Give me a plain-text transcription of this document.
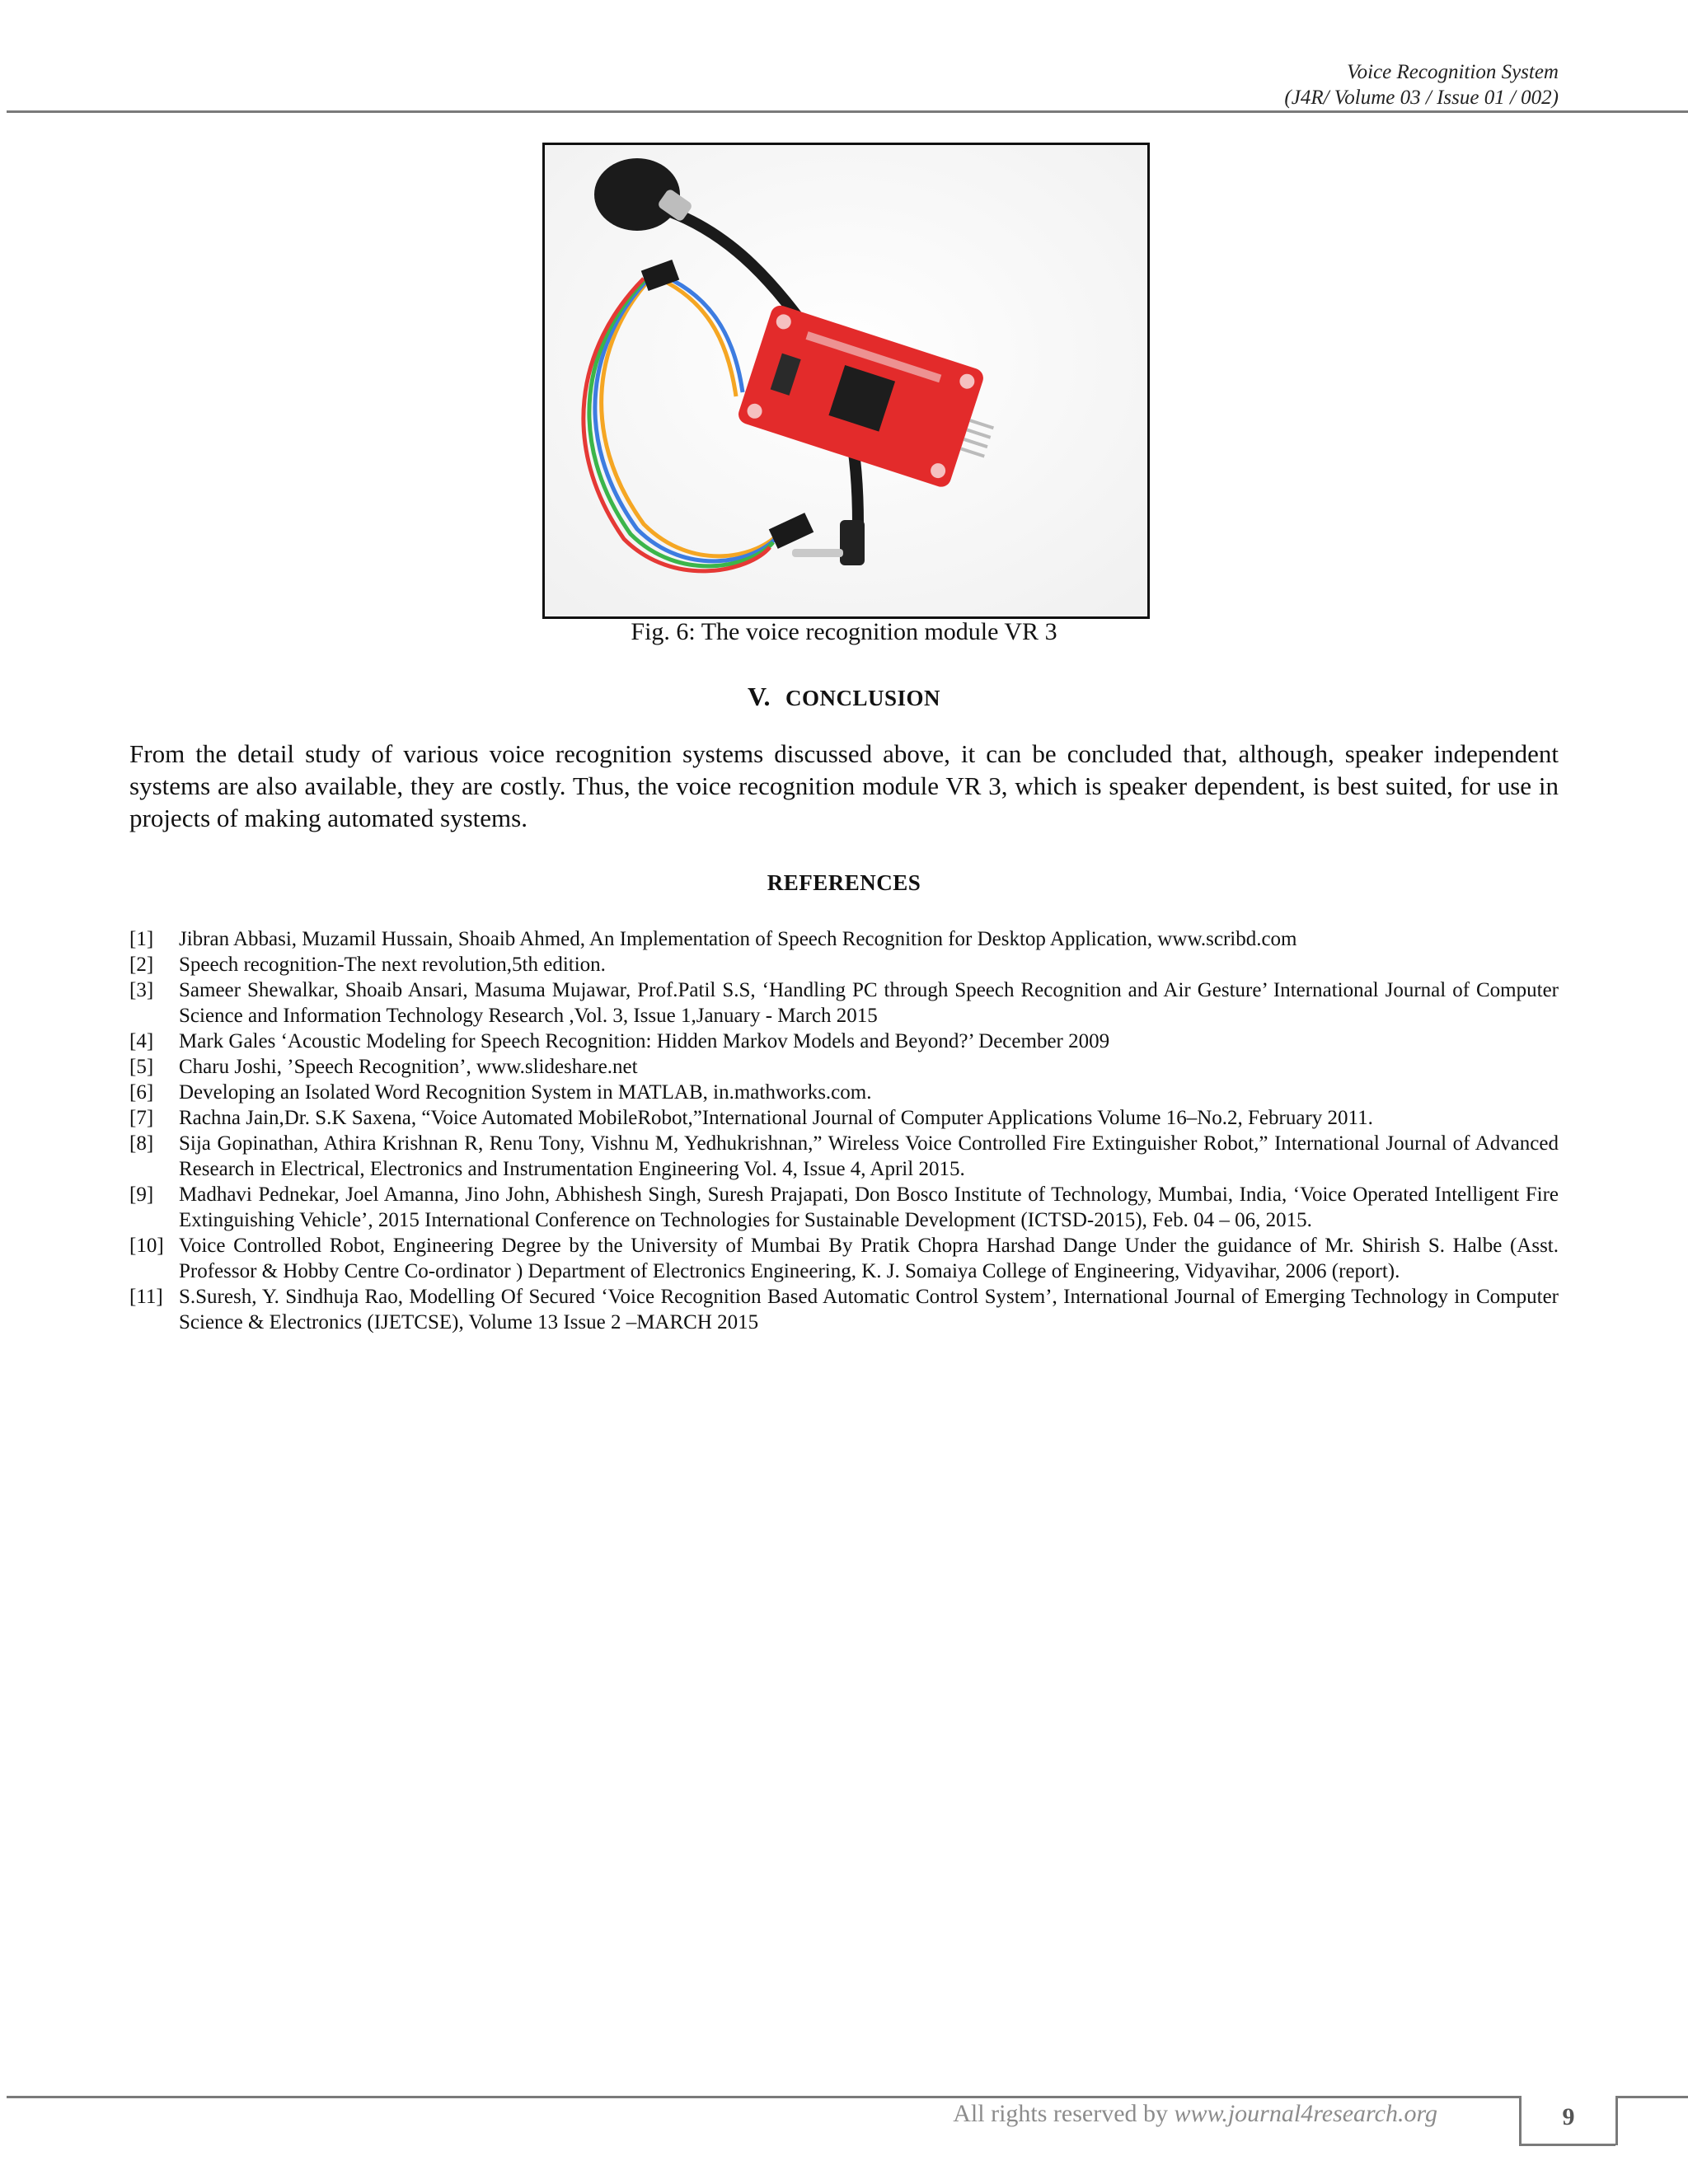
Voice Recognition System
(J4R/ Volume 03 / Issue 01 / 002)
Fig. 6: The voice recognition module VR 3
V. CONCLUSION

From the detail study of various voice recognition systems discussed above, it can be concluded that, although, speaker independent systems are also available, they are costly. Thus, the voice recognition module VR 3, which is speaker dependent, is best suited, for use in projects of making automated systems.

REFERENCES
[1]	Jibran Abbasi, Muzamil Hussain, Shoaib Ahmed, An Implementation of Speech Recognition for Desktop Application, www.scribd.com
[2]	Speech recognition-The next revolution,5th edition.
[3]	Sameer Shewalkar, Shoaib Ansari, Masuma Mujawar, Prof.Patil S.S, ‘Handling PC through Speech Recognition and Air Gesture’ International Journal of Computer Science and Information Technology Research ,Vol. 3, Issue 1,January - March 2015
[4]	Mark Gales ‘Acoustic Modeling for Speech Recognition: Hidden Markov Models and Beyond?’ December 2009
[5]	Charu Joshi, ’Speech Recognition’, www.slideshare.net
[6]	Developing an Isolated Word Recognition System in MATLAB, in.mathworks.com.
[7]	Rachna Jain,Dr. S.K Saxena, “Voice Automated MobileRobot,”International Journal of Computer Applications Volume 16–No.2, February 2011.
[8]	Sija Gopinathan, Athira Krishnan R, Renu Tony, Vishnu M, Yedhukrishnan,” Wireless Voice Controlled Fire Extinguisher Robot,” International Journal of Advanced Research in Electrical, Electronics and Instrumentation Engineering Vol. 4, Issue 4, April 2015.
[9]	Madhavi Pednekar, Joel Amanna, Jino John, Abhishesh Singh, Suresh Prajapati, Don Bosco Institute of Technology, Mumbai, India, ‘Voice Operated Intelligent Fire Extinguishing Vehicle’, 2015 International Conference on Technologies for Sustainable Development (ICTSD-2015), Feb. 04 – 06, 2015.
[10] Voice Controlled Robot, Engineering Degree by the University of Mumbai By Pratik Chopra Harshad Dange Under the guidance of Mr. Shirish S. Halbe (Asst. Professor & Hobby Centre Co-ordinator ) Department of Electronics Engineering, K. J. Somaiya College of Engineering, Vidyavihar, 2006 (report).
[11] S.Suresh, Y. Sindhuja Rao, Modelling Of Secured ‘Voice Recognition Based Automatic Control System’, International Journal of Emerging Technology in Computer Science & Electronics (IJETCSE), Volume 13 Issue 2 –MARCH 2015
All rights reserved by www.journal4research.org	9
